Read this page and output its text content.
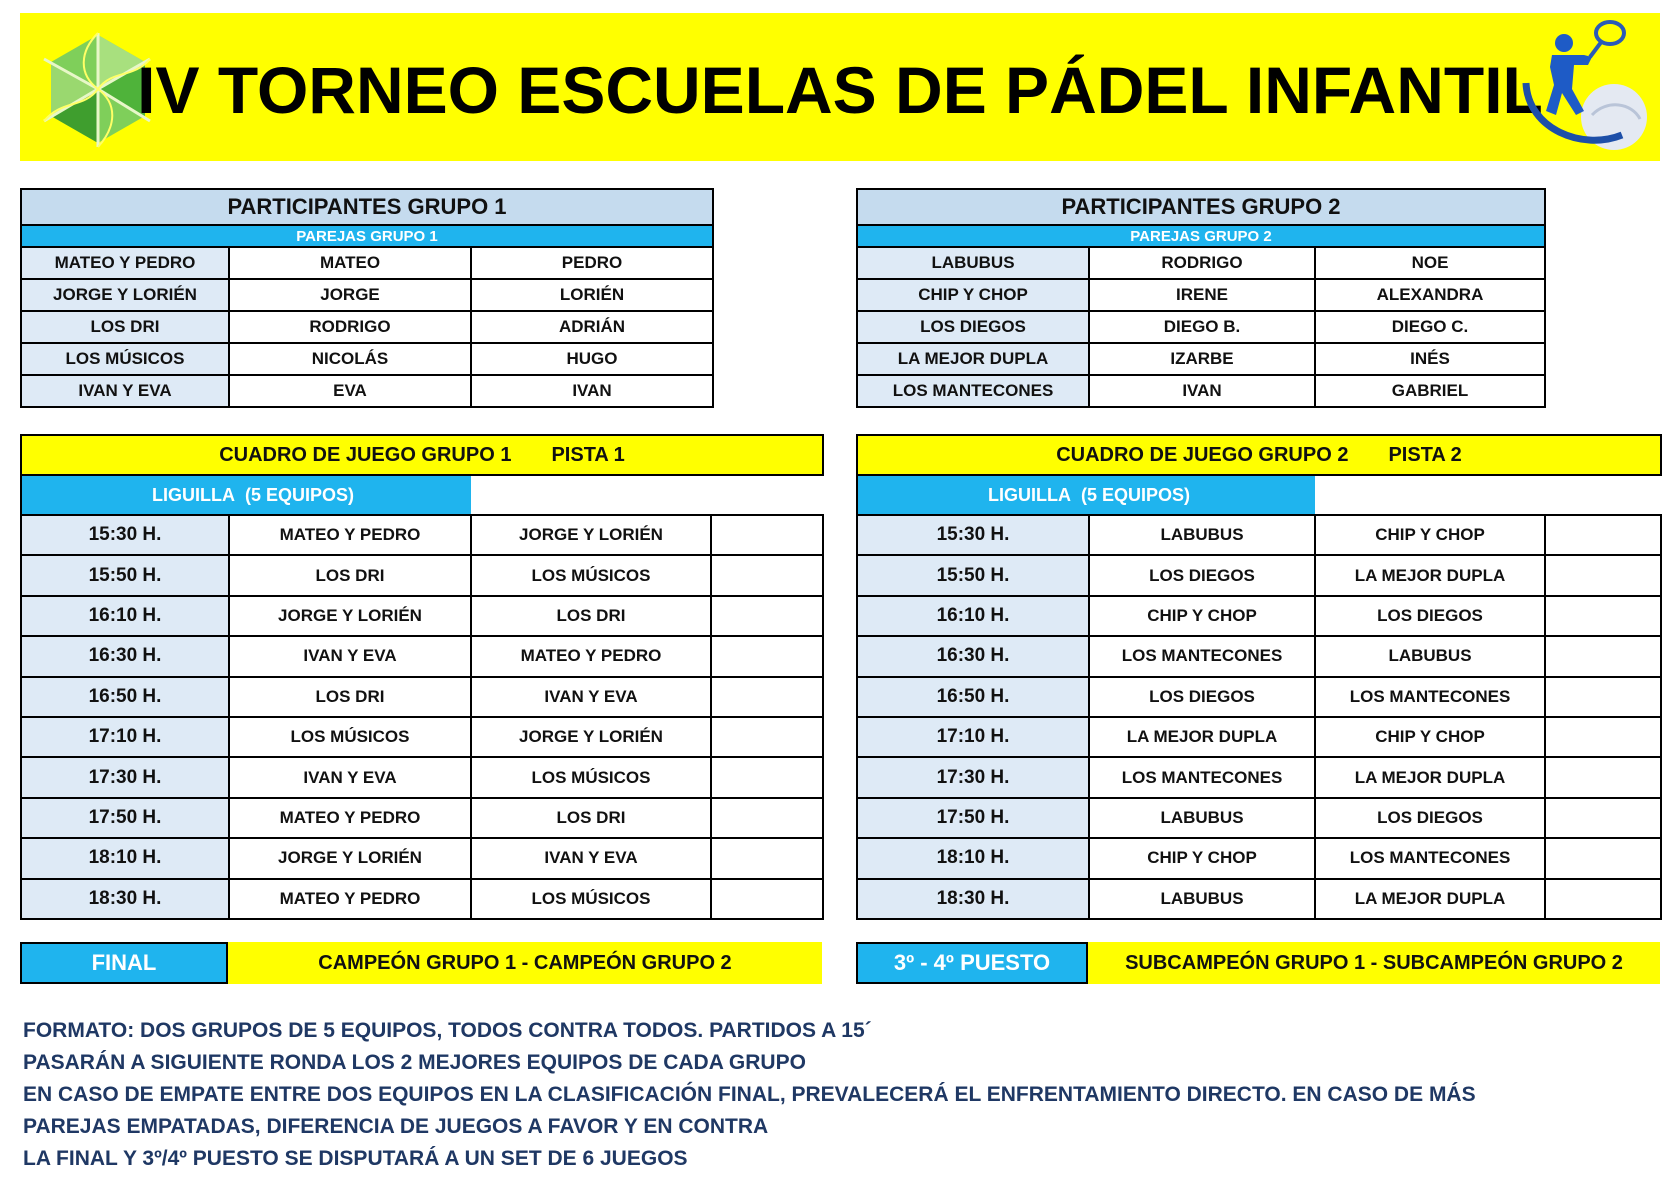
IV TORNEO ESCUELAS DE PÁDEL INFANTIL
PARTICIPANTES GRUPO 1		
PAREJAS GRUPO 1		
MATEO Y PEDRO	MATEO	PEDRO
JORGE Y LORIÉN	JORGE	LORIÉN
LOS DRI	RODRIGO	ADRIÁN
LOS MÚSICOS	NICOLÁS	HUGO
IVAN Y EVA	EVA	IVAN
PARTICIPANTES GRUPO 2		
PAREJAS GRUPO 2		
LABUBUS	RODRIGO	NOE
CHIP Y CHOP	IRENE	ALEXANDRA
LOS DIEGOS	DIEGO B.	DIEGO C.
LA MEJOR DUPLA	IZARBE	INÉS
LOS MANTECONES	IVAN	GABRIEL
CUADRO DE JUEGO GRUPO 1 PISTA 1			
LIGUILLA (5 EQUIPOS)			
15:30 H.	MATEO Y PEDRO	JORGE Y LORIÉN	
15:50 H.	LOS DRI	LOS MÚSICOS	
16:10 H.	JORGE Y LORIÉN	LOS DRI	
16:30 H.	IVAN Y EVA	MATEO Y PEDRO	
16:50 H.	LOS DRI	IVAN Y EVA	
17:10 H.	LOS MÚSICOS	JORGE Y LORIÉN	
17:30 H.	IVAN Y EVA	LOS MÚSICOS	
17:50 H.	MATEO Y PEDRO	LOS DRI	
18:10 H.	JORGE Y LORIÉN	IVAN Y EVA	
18:30 H.	MATEO Y PEDRO	LOS MÚSICOS	
CUADRO DE JUEGO GRUPO 2 PISTA 2			
LIGUILLA (5 EQUIPOS)			
15:30 H.	LABUBUS	CHIP Y CHOP	
15:50 H.	LOS DIEGOS	LA MEJOR DUPLA	
16:10 H.	CHIP Y CHOP	LOS DIEGOS	
16:30 H.	LOS MANTECONES	LABUBUS	
16:50 H.	LOS DIEGOS	LOS MANTECONES	
17:10 H.	LA MEJOR DUPLA	CHIP Y CHOP	
17:30 H.	LOS MANTECONES	LA MEJOR DUPLA	
17:50 H.	LABUBUS	LOS DIEGOS	
18:10 H.	CHIP Y CHOP	LOS MANTECONES	
18:30 H.	LABUBUS	LA MEJOR DUPLA	
FINAL	CAMPEÓN GRUPO 1 - CAMPEÓN GRUPO 2	3º - 4º PUESTO	SUBCAMPEÓN GRUPO 1 - SUBCAMPEÓN GRUPO 2
FORMATO: DOS GRUPOS DE 5 EQUIPOS, TODOS CONTRA TODOS. PARTIDOS A 15´
PASARÁN A SIGUIENTE RONDA LOS 2 MEJORES EQUIPOS DE CADA GRUPO
EN CASO DE EMPATE ENTRE DOS EQUIPOS EN LA CLASIFICACIÓN FINAL, PREVALECERÁ EL ENFRENTAMIENTO DIRECTO. EN CASO DE MÁS
PAREJAS EMPATADAS, DIFERENCIA DE JUEGOS A FAVOR Y EN CONTRA
LA FINAL Y 3º/4º PUESTO SE DISPUTARÁ A UN SET DE 6 JUEGOS
